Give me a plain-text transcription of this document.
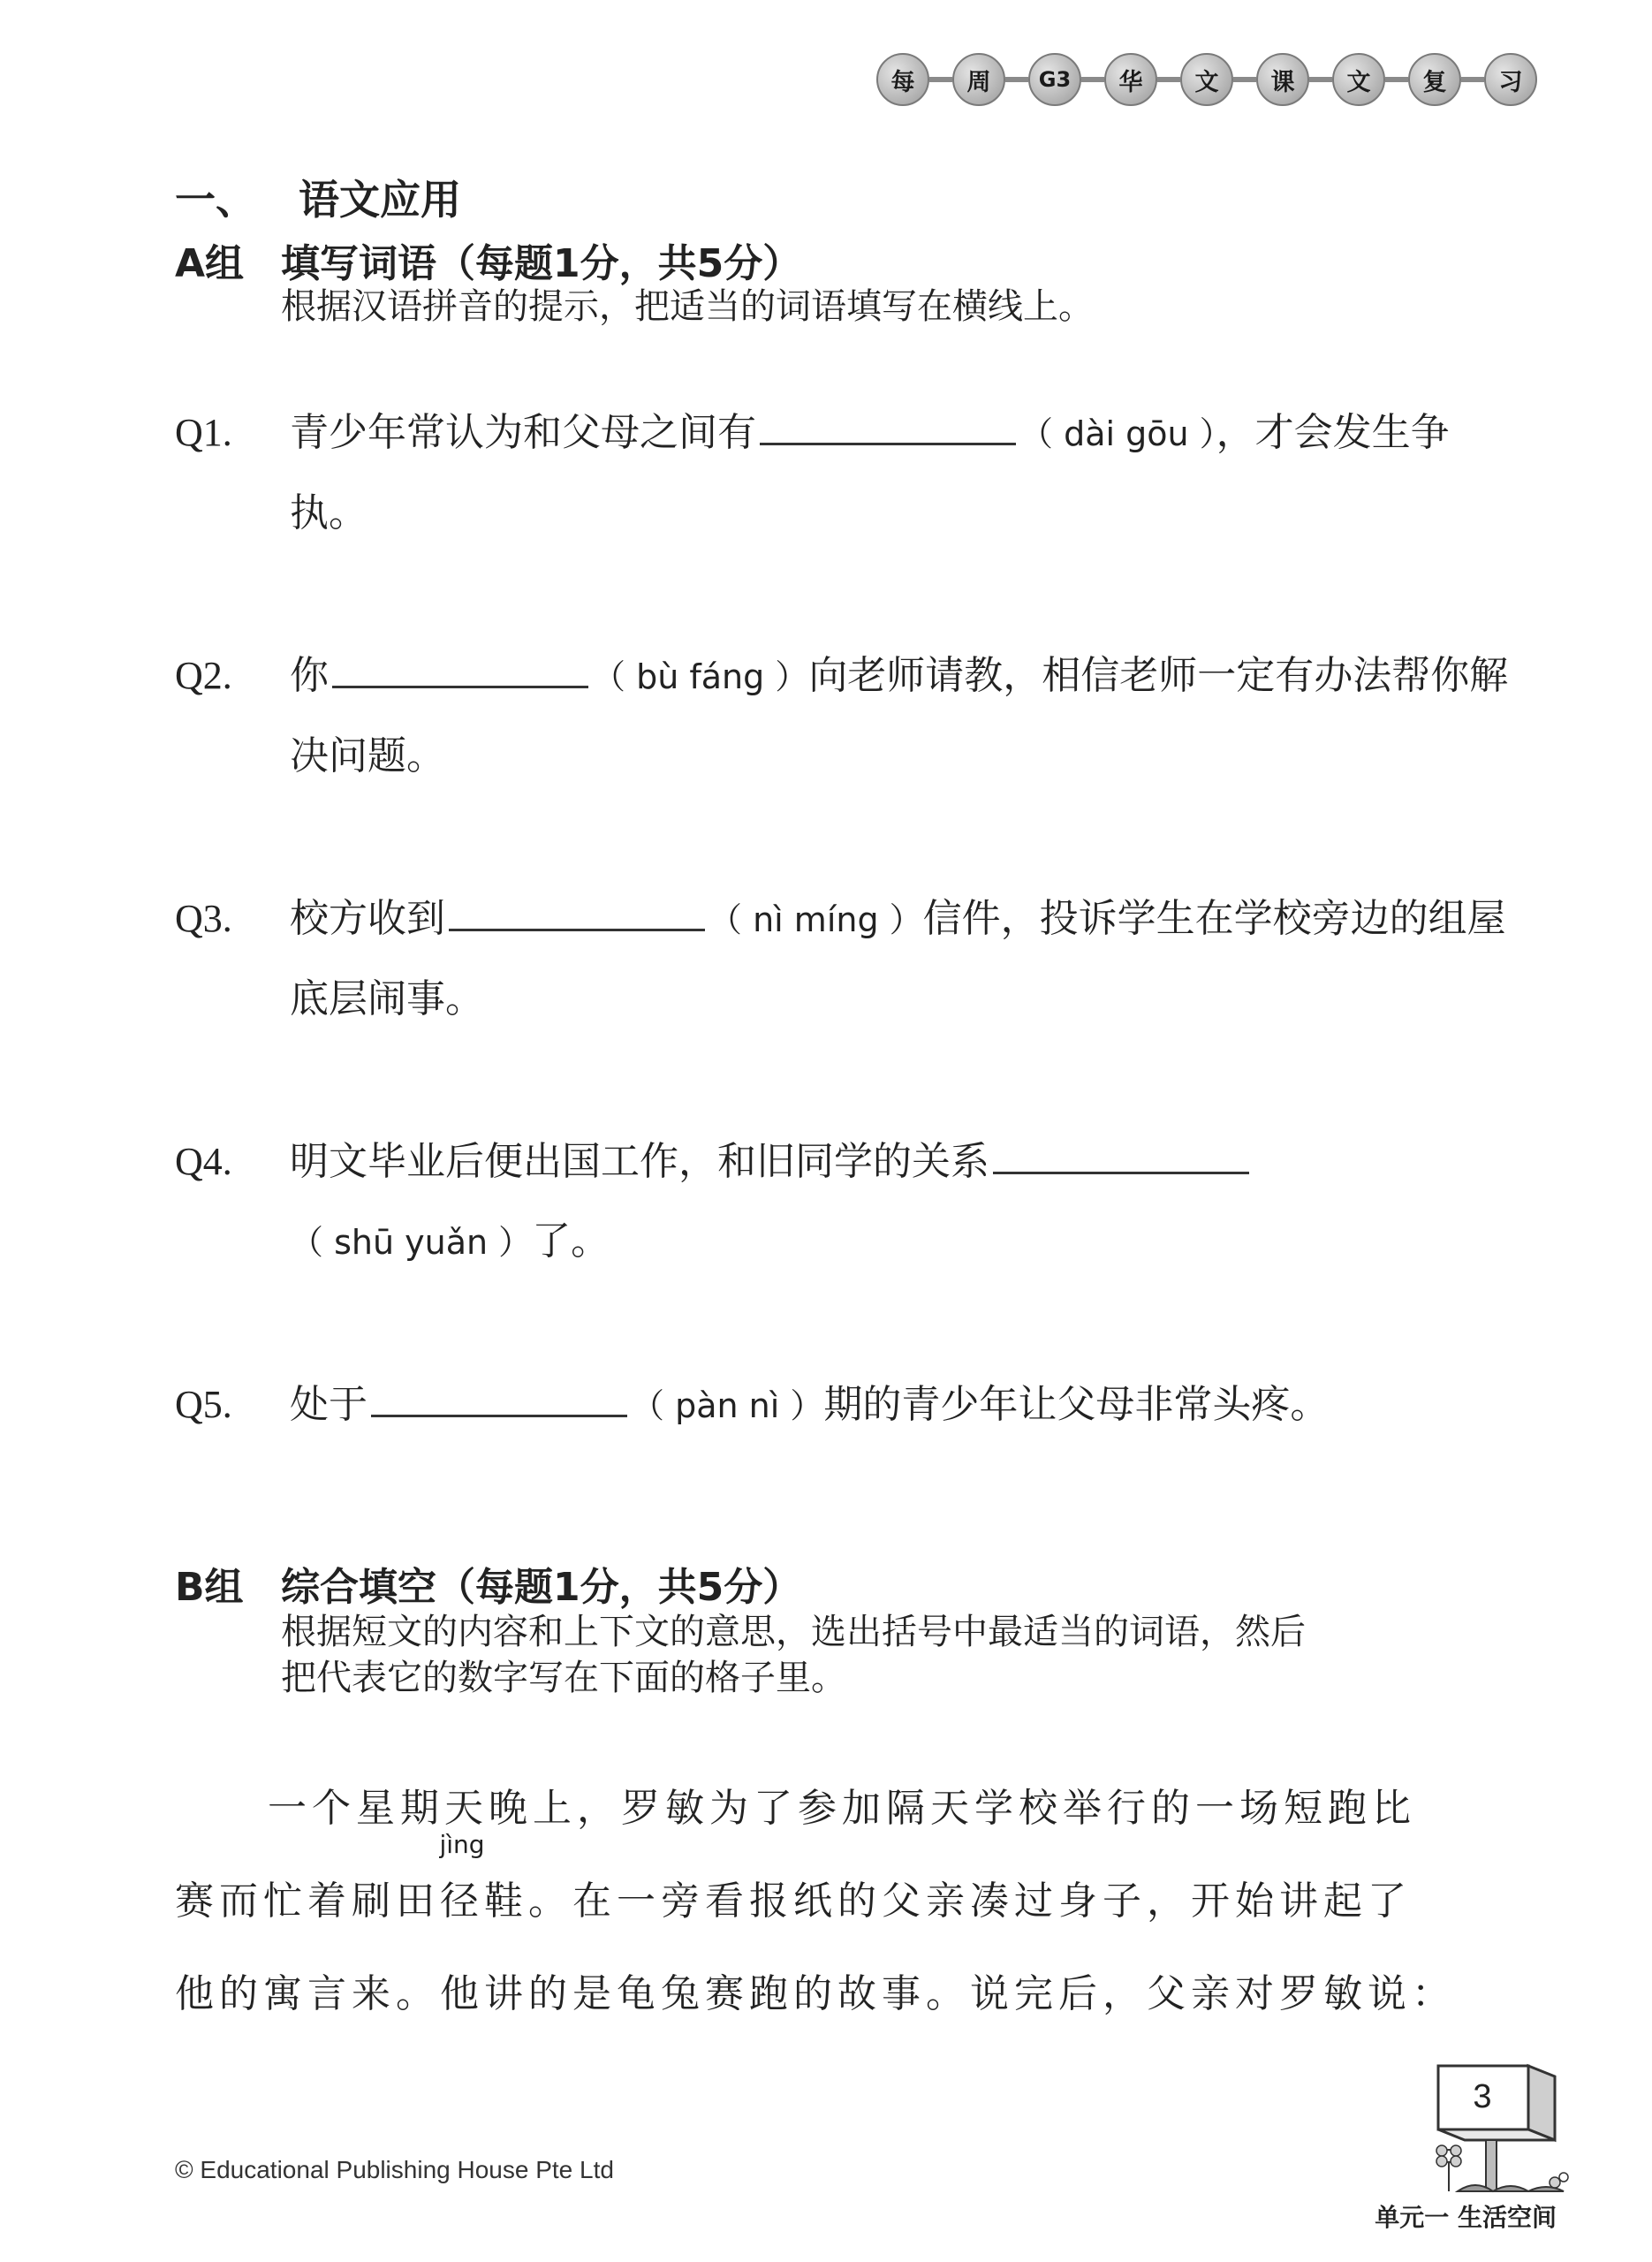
每	周	G3	华	文	课	文	复	习
一、 语文应用
A组 填写词语（每题1分，共5分）
根据汉语拼音的提示，把适当的词语填写在横线上。
Q1. 青少年常认为和父母之间有	（ dài gōu ），才会发生争执。
Q2. 你	（ bù fáng ）向老师请教，相信老师一定有办法帮你解决问题。
Q3. 校方收到	（ nì míng ）信件，投诉学生在学校旁边的组屋底层闹事。
Q4. 明文毕业后便出国工作，和旧同学的关系
（ shū yuǎn ）了。
Q5. 处于	（ pàn nì ）期的青少年让父母非常头疼。
B组 综合填空（每题1分，共5分）
根据短文的内容和上下文的意思，选出括号中最适当的词语，然后
把代表它的数字写在下面的格子里。
一个星期天晚上，罗敏为了参加隔天学校举行的一场短跑比
赛而忙着刷田
jìng
径鞋。在一旁看报纸的父亲凑过身子，开始讲起了
他的寓言来。他讲的是龟兔赛跑的故事。说完后，父亲对罗敏说：
© Educational Publishing House Pte Ltd
3
单元一 生活空间
